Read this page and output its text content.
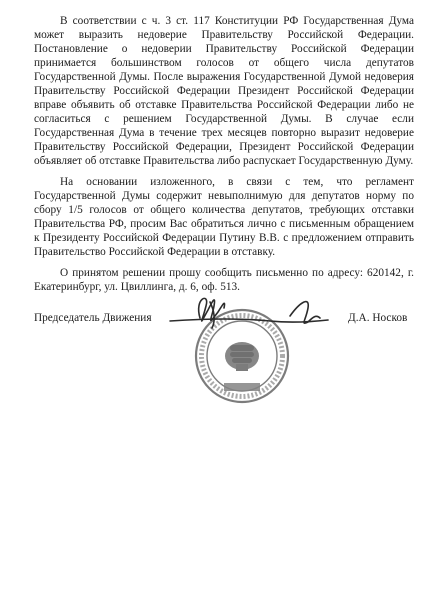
В соответствии с ч. 3 ст. 117 Конституции РФ Государственная Дума может выразить недоверие Правительству Российской Федерации. Постановление о недоверии Правительству Российской Федерации принимается большинством голосов от общего числа депутатов Государственной Думы. После выражения Государственной Думой недоверия Правительству Российской Федерации Президент Российской Федерации вправе объявить об отставке Правительства Российской Федерации либо не согласиться с решением Государственной Думы. В случае если Государственная Дума в течение трех месяцев повторно выразит недоверие Правительству Российской Федерации, Президент Российской Федерации объявляет об отставке Правительства либо распускает Государственную Думу.

На основании изложенного, в связи с тем, что регламент Государственной Думы содержит невыполнимую для депутатов норму по сбору 1/5 голосов от общего количества депутатов, требующих отставки Правительства РФ, просим Вас обратиться лично с письменным обращением к Президенту Российской Федерации Путину В.В. с предложением отправить Правительство Российской Федерации в отставку.

О принятом решении прошу сообщить письменно по адресу: 620142, г. Екатеринбург, ул. Цвиллинга, д. 6, оф. 513.

Председатель Движения	Д.А. Носков
